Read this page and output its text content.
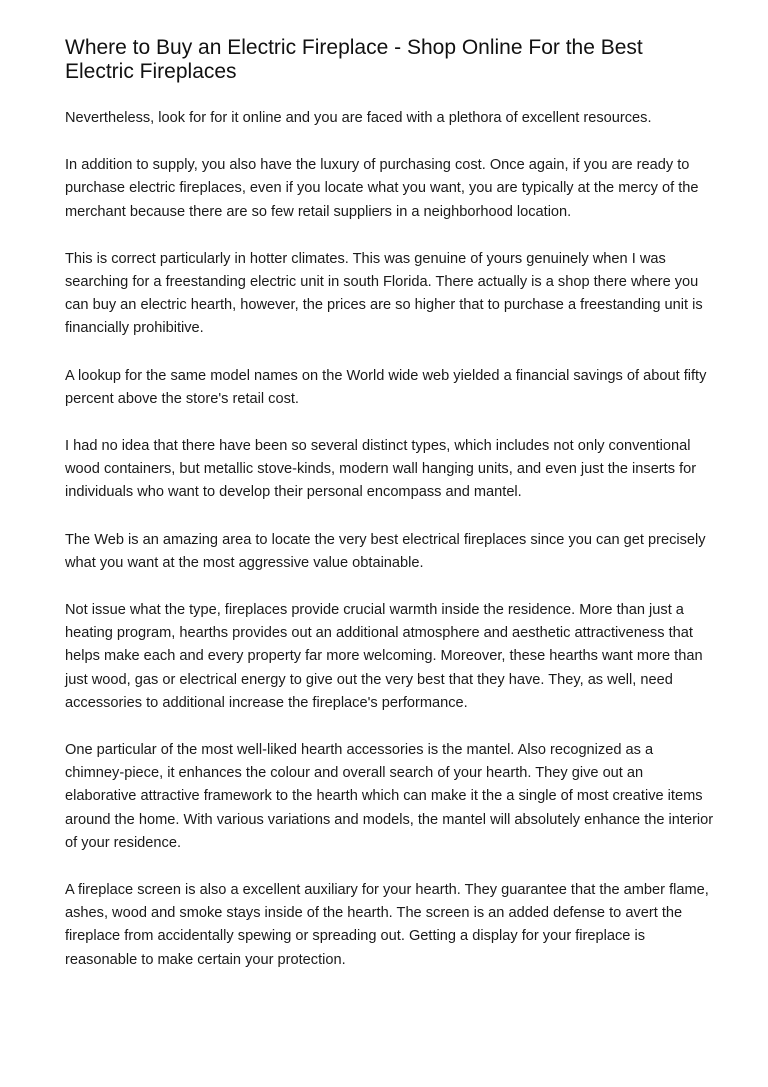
Where to Buy an Electric Fireplace - Shop Online For the Best Electric Fireplaces

Nevertheless, look for for it online and you are faced with a plethora of excellent resources.

In addition to supply, you also have the luxury of purchasing cost. Once again, if you are ready to purchase electric fireplaces, even if you locate what you want, you are typically at the mercy of the merchant because there are so few retail suppliers in a neighborhood location.

This is correct particularly in hotter climates. This was genuine of yours genuinely when I was searching for a freestanding electric unit in south Florida. There actually is a shop there where you can buy an electric hearth, however, the prices are so higher that to purchase a freestanding unit is financially prohibitive.

A lookup for the same model names on the World wide web yielded a financial savings of about fifty percent above the store's retail cost.

I had no idea that there have been so several distinct types, which includes not only conventional wood containers, but metallic stove-kinds, modern wall hanging units, and even just the inserts for individuals who want to develop their personal encompass and mantel.

The Web is an amazing area to locate the very best electrical fireplaces since you can get precisely what you want at the most aggressive value obtainable.

Not issue what the type, fireplaces provide crucial warmth inside the residence. More than just a heating program, hearths provides out an additional atmosphere and aesthetic attractiveness that helps make each and every property far more welcoming. Moreover, these hearths want more than just wood, gas or electrical energy to give out the very best that they have. They, as well, need accessories to additional increase the fireplace's performance.

One particular of the most well-liked hearth accessories is the mantel. Also recognized as a chimney-piece, it enhances the colour and overall search of your hearth. They give out an elaborative attractive framework to the hearth which can make it the a single of most creative items around the home. With various variations and models, the mantel will absolutely enhance the interior of your residence.

A fireplace screen is also a excellent auxiliary for your hearth. They guarantee that the amber flame, ashes, wood and smoke stays inside of the hearth. The screen is an added defense to avert the fireplace from accidentally spewing or spreading out. Getting a display for your fireplace is reasonable to make certain your protection.
